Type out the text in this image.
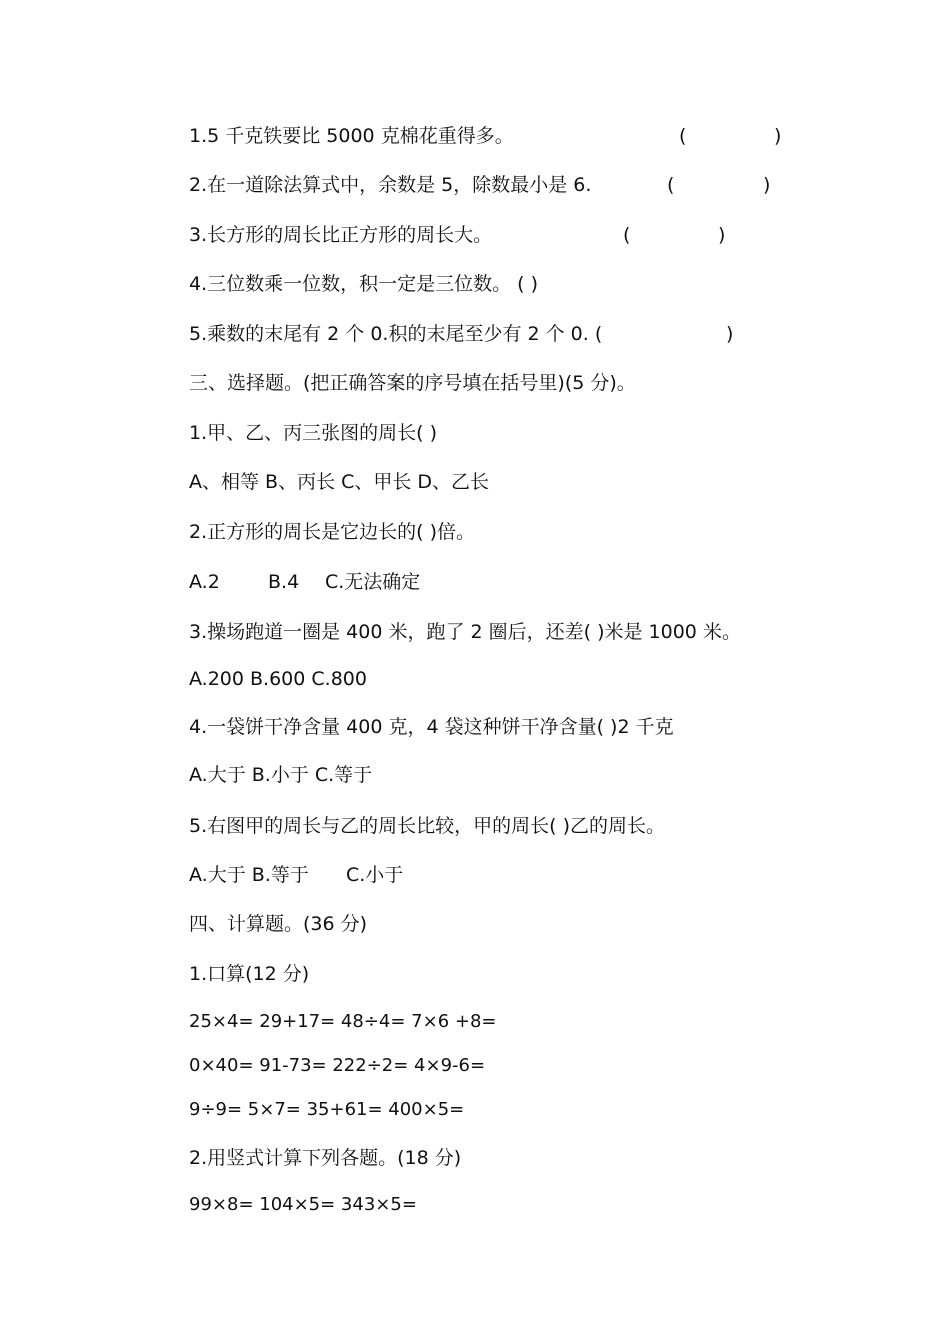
1.5 千克铁要比 5000 克棉花重得多。	(	)
2.在一道除法算式中，余数是 5，除数最小是 6.	(	)
3.长方形的周长比正方形的周长大。	(	)
4.三位数乘一位数，积一定是三位数。 ( )
5.乘数的末尾有 2 个 0.积的末尾至少有 2 个 0. (	)
三、选择题。(把正确答案的序号填在括号里)(5 分)。
1.甲、乙、丙三张图的周长( )
A、相等 B、丙长 C、甲长 D、乙长
2.正方形的周长是它边长的( )倍。
A.2	B.4 C.无法确定
3.操场跑道一圈是 400 米，跑了 2 圈后，还差( )米是 1000 米。
A.200 B.600 C.800
4.一袋饼干净含量 400 克，4 袋这种饼干净含量( )2 千克
A.大于 B.小于 C.等于
5.右图甲的周长与乙的周长比较，甲的周长( )乙的周长。
A.大于 B.等于 C.小于
四、计算题。(36 分)
1.口算(12 分)
25×4= 29+17= 48÷4= 7×6 +8=
0×40= 91-73= 222÷2= 4×9-6=
9÷9= 5×7= 35+61= 400×5=
2.用竖式计算下列各题。(18 分)
99×8= 104×5= 343×5=
